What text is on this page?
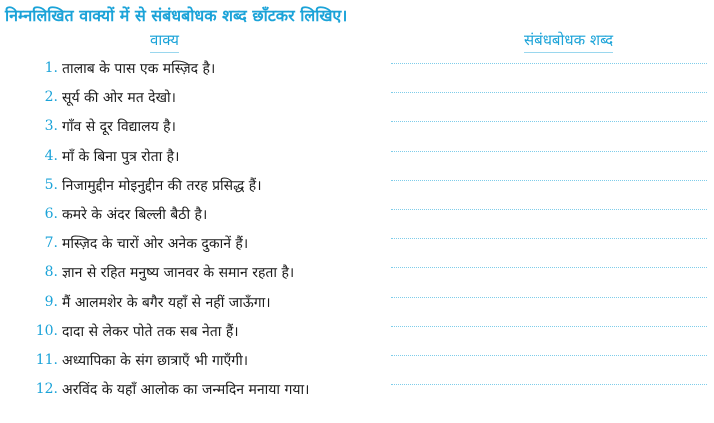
निम्नलिखित वाक्यों में से संबंधबोधक शब्द छाँटकर लिखिए।
वाक्य	संबंधबोधक शब्द
1. तालाब के पास एक मस्ज़िद है।
2. सूर्य की ओर मत देखो।
3. गाँव से दूर विद्यालय है।
4. माँ के बिना पुत्र रोता है।
5. निजामुद्दीन मोइनुद्दीन की तरह प्रसिद्ध हैं।
6. कमरे के अंदर बिल्ली बैठी है।
7. मस्ज़िद के चारों ओर अनेक दुकानें हैं।
8. ज्ञान से रहित मनुष्य जानवर के समान रहता है।
9. मैं आलमशेर के बगैर यहाँ से नहीं जाऊँगा।
10. दादा से लेकर पोते तक सब नेता हैं।
11. अध्यापिका के संग छात्राएँ भी गाएँगी।
12. अरविंद के यहाँ आलोक का जन्मदिन मनाया गया।
